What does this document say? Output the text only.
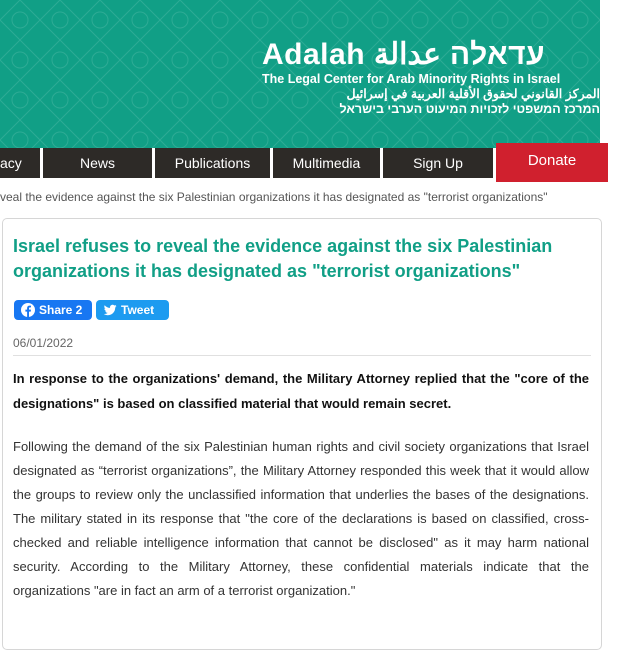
Adalah עדאלה عدالة
The Legal Center for Arab Minority Rights in Israel
المركز القانوني لحقوق الأقلية العربية في إسرائيل
המרכז המשפטי לזכויות המיעוט הערבי בישראל
acy	News	Publications	Multimedia	Sign Up	Donate
veal the evidence against the six Palestinian organizations it has designated as "terrorist organizations"
Israel refuses to reveal the evidence against the six Palestinian organizations it has designated as "terrorist organizations"
Share 2	Tweet
06/01/2022
In response to the organizations' demand, the Military Attorney replied that the "core of the designations" is based on classified material that would remain secret.
Following the demand of the six Palestinian human rights and civil society organizations that Israel designated as “terrorist organizations”, the Military Attorney responded this week that it would allow the groups to review only the unclassified information that underlies the bases of the designations. The military stated in its response that "the core of the declarations is based on classified, cross-checked and reliable intelligence information that cannot be disclosed" as it may harm national security. According to the Military Attorney, these confidential materials indicate that the organizations "are in fact an arm of a terrorist organization."
